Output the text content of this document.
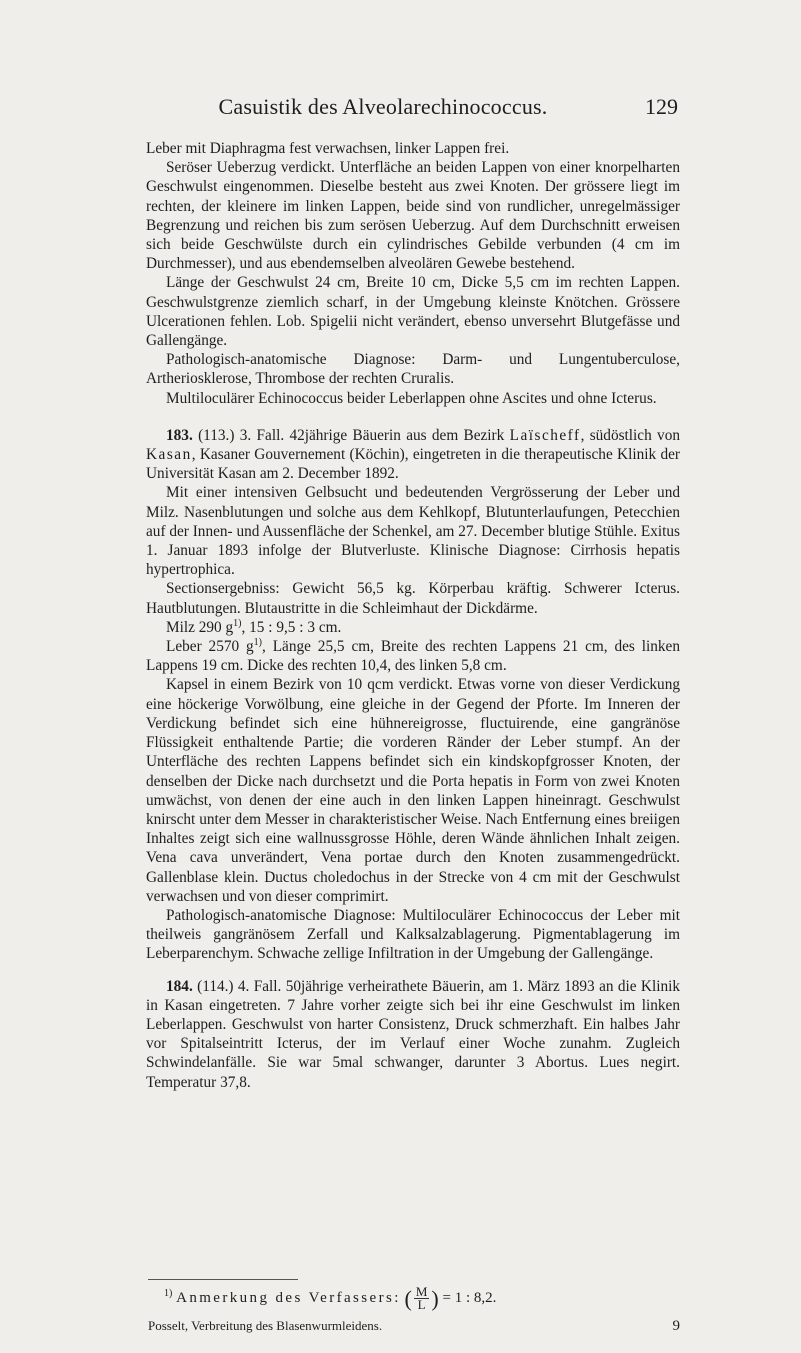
Casuistik des Alveolarechinococcus.	129

Leber mit Diaphragma fest verwachsen, linker Lappen frei.

Seröser Ueberzug verdickt. Unterfläche an beiden Lappen von einer knorpelharten Geschwulst eingenommen. Dieselbe besteht aus zwei Knoten. Der grössere liegt im rechten, der kleinere im linken Lappen, beide sind von rundlicher, unregelmässiger Begrenzung und reichen bis zum serösen Ueberzug. Auf dem Durchschnitt erweisen sich beide Geschwülste durch ein cylindrisches Gebilde verbunden (4 cm im Durchmesser), und aus ebendemselben alveolären Gewebe bestehend.

Länge der Geschwulst 24 cm, Breite 10 cm, Dicke 5,5 cm im rechten Lappen. Geschwulstgrenze ziemlich scharf, in der Umgebung kleinste Knötchen. Grössere Ulcerationen fehlen. Lob. Spigelii nicht verändert, ebenso unversehrt Blutgefässe und Gallengänge.

Pathologisch-anatomische Diagnose: Darm- und Lungentuberculose, Artheriosklerose, Thrombose der rechten Cruralis.

Multiloculärer Echinococcus beider Leberlappen ohne Ascites und ohne Icterus.

183. (113.) 3. Fall. 42jährige Bäuerin aus dem Bezirk Laïscheff, südöstlich von Kasan, Kasaner Gouvernement (Köchin), eingetreten in die therapeutische Klinik der Universität Kasan am 2. December 1892.

Mit einer intensiven Gelbsucht und bedeutenden Vergrösserung der Leber und Milz. Nasenblutungen und solche aus dem Kehlkopf, Blutunterlaufungen, Petecchien auf der Innen- und Aussenfläche der Schenkel, am 27. December blutige Stühle. Exitus 1. Januar 1893 infolge der Blutverluste. Klinische Diagnose: Cirrhosis hepatis hypertrophica.

Sectionsergebniss: Gewicht 56,5 kg. Körperbau kräftig. Schwerer Icterus. Hautblutungen. Blutaustritte in die Schleimhaut der Dickdärme.

Milz 290 $g^{1)}$, 15 : 9,5 : 3 cm.

Leber 2570 $g^{1)}$, Länge 25,5 cm, Breite des rechten Lappens 21 cm, des linken Lappens 19 cm. Dicke des rechten 10,4, des linken 5,8 cm.

Kapsel in einem Bezirk von 10 qcm verdickt. Etwas vorne von dieser Verdickung eine höckerige Vorwölbung, eine gleiche in der Gegend der Pforte. Im Inneren der Verdickung befindet sich eine hühnereigrosse, fluctuirende, eine gangränöse Flüssigkeit enthaltende Partie; die vorderen Ränder der Leber stumpf. An der Unterfläche des rechten Lappens befindet sich ein kindskopfgrosser Knoten, der denselben der Dicke nach durchsetzt und die Porta hepatis in Form von zwei Knoten umwächst, von denen der eine auch in den linken Lappen hineinragt. Geschwulst knirscht unter dem Messer in charakteristischer Weise. Nach Entfernung eines breiigen Inhaltes zeigt sich eine wallnussgrosse Höhle, deren Wände ähnlichen Inhalt zeigen. Vena cava unverändert, Vena portae durch den Knoten zusammengedrückt. Gallenblase klein. Ductus choledochus in der Strecke von 4 cm mit der Geschwulst verwachsen und von dieser comprimirt.

Pathologisch-anatomische Diagnose: Multiloculärer Echinococcus der Leber mit theilweis gangränösem Zerfall und Kalksalzablagerung. Pigmentablagerung im Leberparenchym. Schwache zellige Infiltration in der Umgebung der Gallengänge.

184. (114.) 4. Fall. 50jährige verheirathete Bäuerin, am 1. März 1893 an die Klinik in Kasan eingetreten. 7 Jahre vorher zeigte sich bei ihr eine Geschwulst im linken Leberlappen. Geschwulst von harter Consistenz, Druck schmerzhaft. Ein halbes Jahr vor Spitalseintritt Icterus, der im Verlauf einer Woche zunahm. Zugleich Schwindelanfälle. Sie war 5mal schwanger, darunter 3 Abortus. Lues negirt. Temperatur 37,8.

$^{1)}$ Anmerkung des Verfassers: ( $\frac{M}{L}$ ) = 1 : 8,2.
Posselt, Verbreitung des Blasenwurmleidens.	9
